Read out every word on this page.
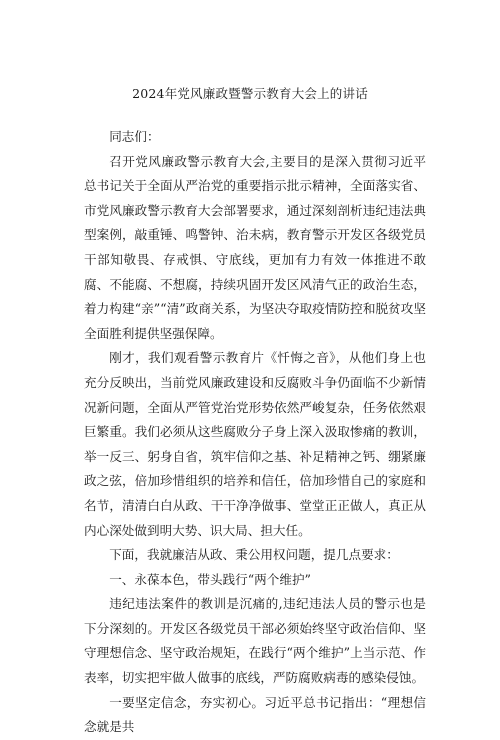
2024年党风廉政暨警示教育大会上的讲话

同志们：

召开党风廉政警示教育大会,主要目的是深入贯彻习近平总书记关于全面从严治党的重要指示批示精神，全面落实省、市党风廉政警示教育大会部署要求，通过深刻剖析违纪违法典型案例，敲重锤、鸣警钟、治未病，教育警示开发区各级党员干部知敬畏、存戒惧、守底线，更加有力有效一体推进不敢腐、不能腐、不想腐，持续巩固开发区风清气正的政治生态，着力构建“亲”“清”政商关系，为坚决夺取疫情防控和脱贫攻坚全面胜利提供坚强保障。

刚才，我们观看警示教育片《忏悔之音》，从他们身上也充分反映出，当前党风廉政建设和反腐败斗争仍面临不少新情况新问题，全面从严管党治党形势依然严峻复杂，任务依然艰巨繁重。我们必须从这些腐败分子身上深入汲取惨痛的教训，举一反三、躬身自省，筑牢信仰之基、补足精神之钙、绷紧廉政之弦，倍加珍惜组织的培养和信任，倍加珍惜自己的家庭和名节，清清白白从政、干干净净做事、堂堂正正做人，真正从内心深处做到明大势、识大局、担大任。

下面，我就廉洁从政、秉公用权问题，提几点要求：

一、永葆本色，带头践行“两个维护”

违纪违法案件的教训是沉痛的,违纪违法人员的警示也是下分深刻的。开发区各级党员干部必须始终坚守政治信仰、坚守理想信念、坚守政治规矩，在践行“两个维护”上当示范、作表率，切实把牢做人做事的底线，严防腐败病毒的感染侵蚀。

一要坚定信念，夯实初心。习近平总书记指出：“理想信念就是共
